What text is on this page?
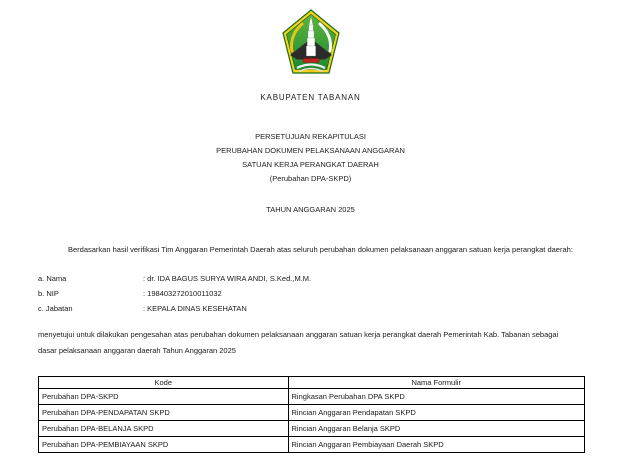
KABUPATEN TABANAN
PERSETUJUAN REKAPITULASI
PERUBAHAN DOKUMEN PELAKSANAAN ANGGARAN
SATUAN KERJA PERANGKAT DAERAH
(Perubahan DPA-SKPD)
TAHUN ANGGARAN 2025
Berdasarkan hasil verifikasi Tim Anggaran Pemerintah Daerah atas seluruh perubahan dokumen pelaksanaan anggaran satuan kerja perangkat daerah:
a. Nama	: dr. IDA BAGUS SURYA WIRA ANDI, S.Ked.,M.M.
b. NIP	: 198403272010011032
c. Jabatan	: KEPALA DINAS KESEHATAN
menyetujui untuk dilakukan pengesahan atas perubahan dokumen pelaksanaan anggaran satuan kerja perangkat daerah Pemerintah Kab. Tabanan sebagai dasar pelaksanaan anggaran daerah Tahun Anggaran 2025
Kode	Nama Formulir
Perubahan DPA-SKPD	Ringkasan Perubahan DPA SKPD
Perubahan DPA-PENDAPATAN SKPD	Rincian Anggaran Pendapatan SKPD
Perubahan DPA-BELANJA SKPD	Rincian Anggaran Belanja SKPD
Perubahan DPA-PEMBIAYAAN SKPD	Rincian Anggaran Pembiayaan Daerah SKPD
